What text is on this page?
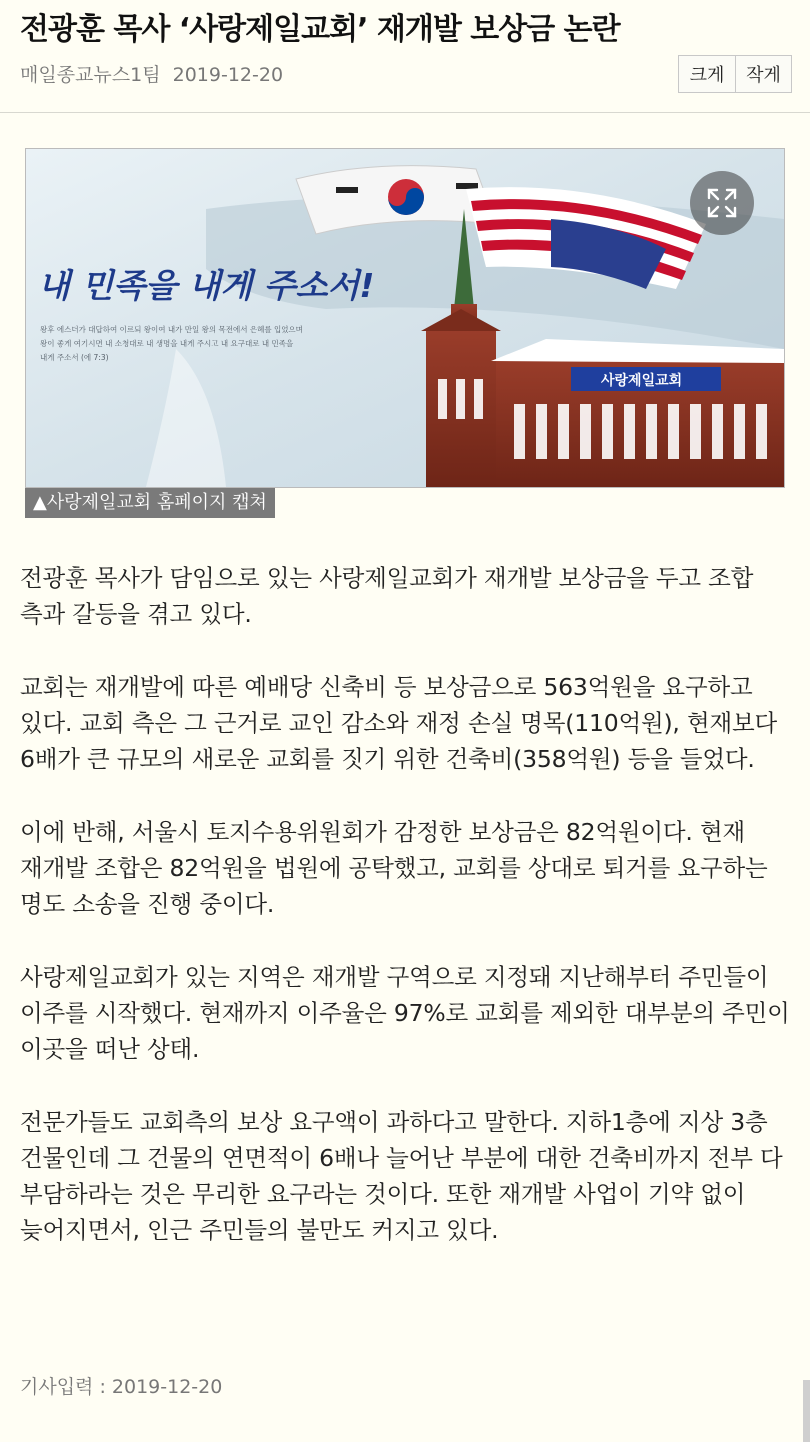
전광훈 목사 ‘사랑제일교회’ 재개발 보상금 논란
매일종교뉴스1팀 2019-12-20	크게	작게
내 민족을 내게 주소서!
왕후 에스더가 대답하여 이르되 왕이여 내가 만일 왕의 목전에서 은혜를 입었으며
왕이 좋게 여기시면 내 소청대로 내 생명을 내게 주시고 내 요구대로 내 민족을
내게 주소서 (에 7:3)
사랑제일교회
▲사랑제일교회 홈페이지 캡쳐

전광훈 목사가 담임으로 있는 사랑제일교회가 재개발 보상금을 두고 조합 측과 갈등을 겪고 있다.

교회는 재개발에 따른 예배당 신축비 등 보상금으로 563억원을 요구하고 있다. 교회 측은 그 근거로 교인 감소와 재정 손실 명목(110억원), 현재보다 6배가 큰 규모의 새로운 교회를 짓기 위한 건축비(358억원) 등을 들었다.

이에 반해, 서울시 토지수용위원회가 감정한 보상금은 82억원이다. 현재 재개발 조합은 82억원을 법원에 공탁했고, 교회를 상대로 퇴거를 요구하는 명도 소송을 진행 중이다.

사랑제일교회가 있는 지역은 재개발 구역으로 지정돼 지난해부터 주민들이 이주를 시작했다. 현재까지 이주율은 97%로 교회를 제외한 대부분의 주민이 이곳을 떠난 상태.

전문가들도 교회측의 보상 요구액이 과하다고 말한다. 지하1층에 지상 3층 건물인데 그 건물의 연면적이 6배나 늘어난 부분에 대한 건축비까지 전부 다 부담하라는 것은 무리한 요구라는 것이다. 또한 재개발 사업이 기약 없이 늦어지면서, 인근 주민들의 불만도 커지고 있다.

기사입력 : 2019-12-20
